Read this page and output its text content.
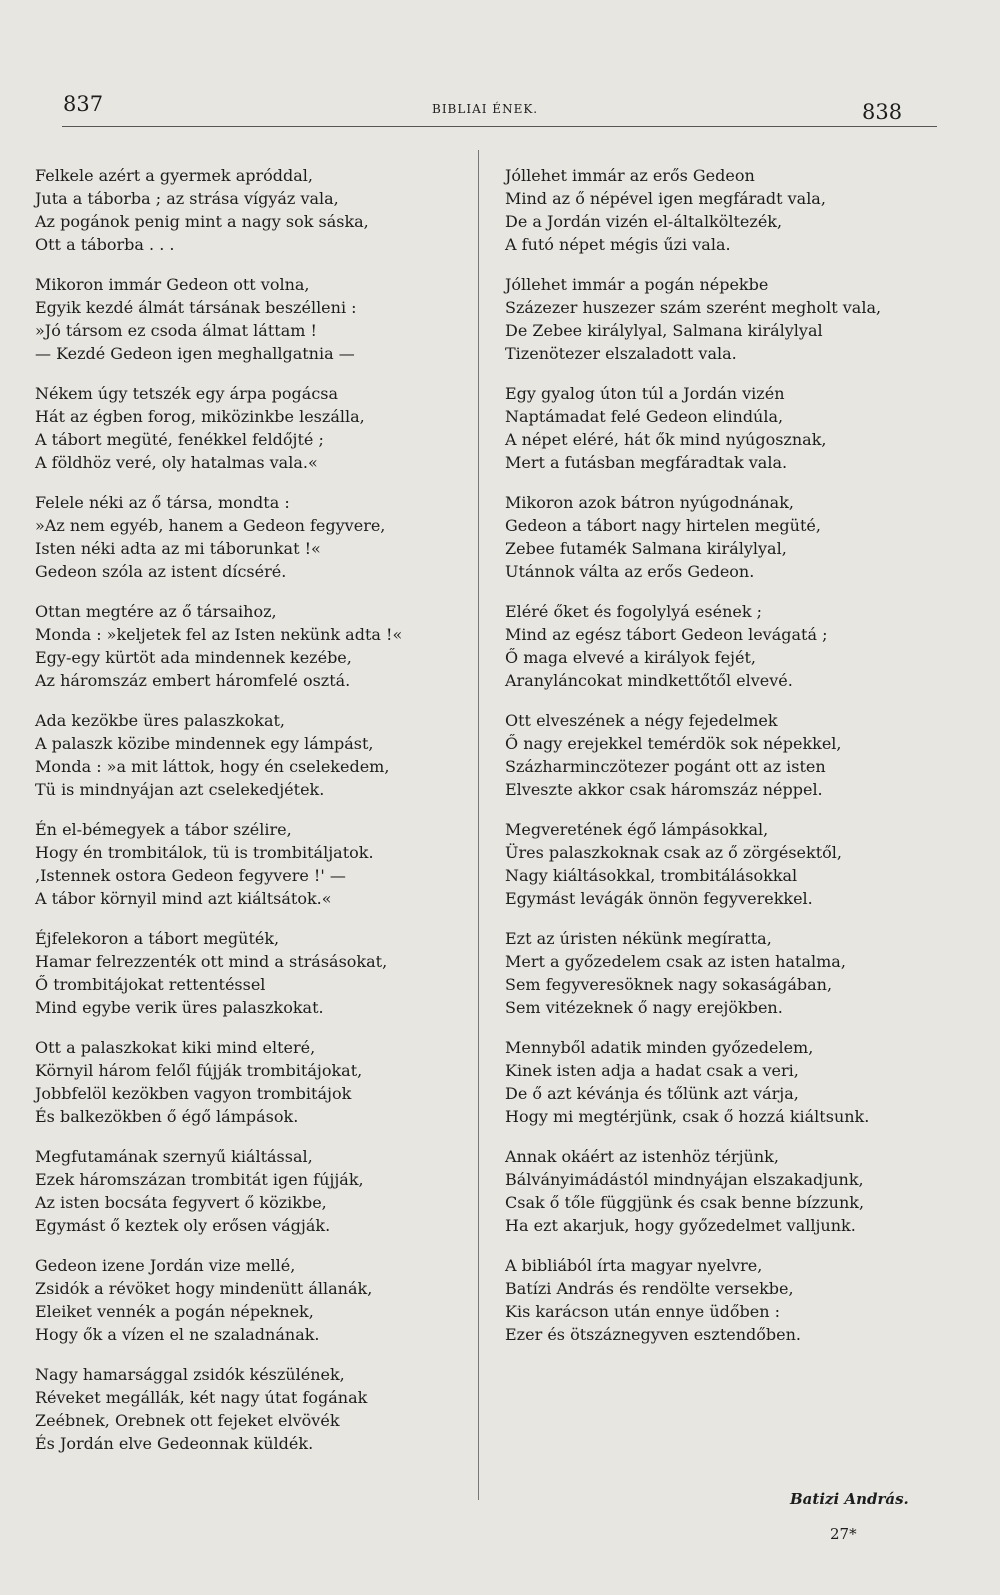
837	BIBLIAI ÉNEK.	838
Felkele azért a gyermek apróddal,
Juta a táborba ; az strása vígyáz vala,
Az pogánok penig mint a nagy sok sáska,
Ott a táborba . . .
Mikoron immár Gedeon ott volna,
Egyik kezdé álmát társának beszélleni :
»Jó társom ez csoda álmat láttam !
— Kezdé Gedeon igen meghallgatnia —
Nékem úgy tetszék egy árpa pogácsa
Hát az égben forog, miközinkbe leszálla,
A tábort megüté, fenékkel feldőjté ;
A földhöz veré, oly hatalmas vala.«
Felele néki az ő társa, mondta :
»Az nem egyéb, hanem a Gedeon fegyvere,
Isten néki adta az mi táborunkat !«
Gedeon szóla az istent dícséré.
Ottan megtére az ő társaihoz,
Monda : »keljetek fel az Isten nekünk adta !«
Egy-egy kürtöt ada mindennek kezébe,
Az háromszáz embert háromfelé osztá.
Ada kezökbe üres palaszkokat,
A palaszk közibe mindennek egy lámpást,
Monda : »a mit láttok, hogy én cselekedem,
Tü is mindnyájan azt cselekedjétek.
Én el-bémegyek a tábor szélire,
Hogy én trombitálok, tü is trombitáljatok.
‚Istennek ostora Gedeon fegyvere !' —
A tábor környil mind azt kiáltsátok.«
Éjfelekoron a tábort megüték,
Hamar felrezzenték ott mind a strásásokat,
Ő trombitájokat rettentéssel
Mind egybe verik üres palaszkokat.
Ott a palaszkokat kiki mind elteré,
Környil három felől fújják trombitájokat,
Jobbfelöl kezökben vagyon trombitájok
És balkezökben ő égő lámpások.
Megfutamának szernyű kiáltással,
Ezek háromszázan trombitát igen fújják,
Az isten bocsáta fegyvert ő közikbe,
Egymást ő keztek oly erősen vágják.
Gedeon izene Jordán vize mellé,
Zsidók a révöket hogy mindenütt állanák,
Eleiket vennék a pogán népeknek,
Hogy ők a vízen el ne szaladnának.
Nagy hamarsággal zsidók készülének,
Réveket megállák, két nagy útat fogának
Zeébnek, Orebnek ott fejeket elvövék
És Jordán elve Gedeonnak küldék.
Jóllehet immár az erős Gedeon
Mind az ő népével igen megfáradt vala,
De a Jordán vizén el-általköltezék,
A futó népet mégis űzi vala.
Jóllehet immár a pogán népekbe
Százezer huszezer szám szerént megholt vala,
De Zebee királylyal, Salmana királylyal
Tizenötezer elszaladott vala.
Egy gyalog úton túl a Jordán vizén
Naptámadat felé Gedeon elindúla,
A népet eléré, hát ők mind nyúgosznak,
Mert a futásban megfáradtak vala.
Mikoron azok bátron nyúgodnának,
Gedeon a tábort nagy hirtelen megüté,
Zebee futamék Salmana királylyal,
Utánnok válta az erős Gedeon.
Eléré őket és fogolylyá esének ;
Mind az egész tábort Gedeon levágatá ;
Ő maga elvevé a királyok fejét,
Aranyláncokat mindkettőtől elvevé.
Ott elveszének a négy fejedelmek
Ő nagy erejekkel temérdök sok népekkel,
Százharminczötezer pogánt ott az isten
Elveszte akkor csak háromszáz néppel.
Megveretének égő lámpásokkal,
Üres palaszkoknak csak az ő zörgésektől,
Nagy kiáltásokkal, trombitálásokkal
Egymást levágák önnön fegyverekkel.
Ezt az úristen nékünk megíratta,
Mert a győzedelem csak az isten hatalma,
Sem fegyveresöknek nagy sokaságában,
Sem vitézeknek ő nagy erejökben.
Mennyből adatik minden győzedelem,
Kinek isten adja a hadat csak a veri,
De ő azt kévánja és tőlünk azt várja,
Hogy mi megtérjünk, csak ő hozzá kiáltsunk.
Annak okáért az istenhöz térjünk,
Bálványimádástól mindnyájan elszakadjunk,
Csak ő tőle függjünk és csak benne bízzunk,
Ha ezt akarjuk, hogy győzedelmet valljunk.
A bibliából írta magyar nyelvre,
Batízi András és rendölte versekbe,
Kis karácson után ennye üdőben :
Ezer és ötszáznegyven esztendőben.
Batizi András.
27*
